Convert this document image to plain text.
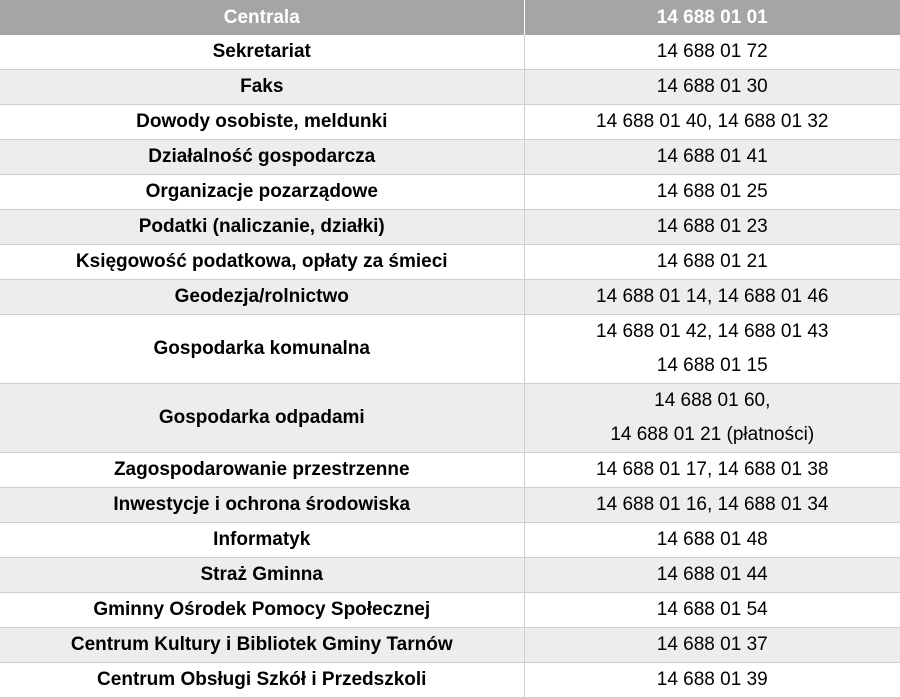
Centrala	14 688 01 01
Sekretariat	14 688 01 72

Faks	14 688 01 30

Dowody osobiste, meldunki	14 688 01 40, 14 688 01 32

Działalność gospodarcza	14 688 01 41

Organizacje pozarządowe	14 688 01 25

Podatki (naliczanie, działki)	14 688 01 23

Księgowość podatkowa, opłaty za śmieci	14 688 01 21

Geodezja/rolnictwo	14 688 01 14, 14 688 01 46

Gospodarka komunalna	14 688 01 42, 14 688 01 43
14 688 01 15

Gospodarka odpadami	14 688 01 60,
14 688 01 21 (płatności)

Zagospodarowanie przestrzenne	14 688 01 17, 14 688 01 38

Inwestycje i ochrona środowiska	14 688 01 16, 14 688 01 34

Informatyk	14 688 01 48

Straż Gminna	14 688 01 44

Gminny Ośrodek Pomocy Społecznej	14 688 01 54

Centrum Kultury i Bibliotek Gminy Tarnów	14 688 01 37

Centrum Obsługi Szkół i Przedszkoli	14 688 01 39
